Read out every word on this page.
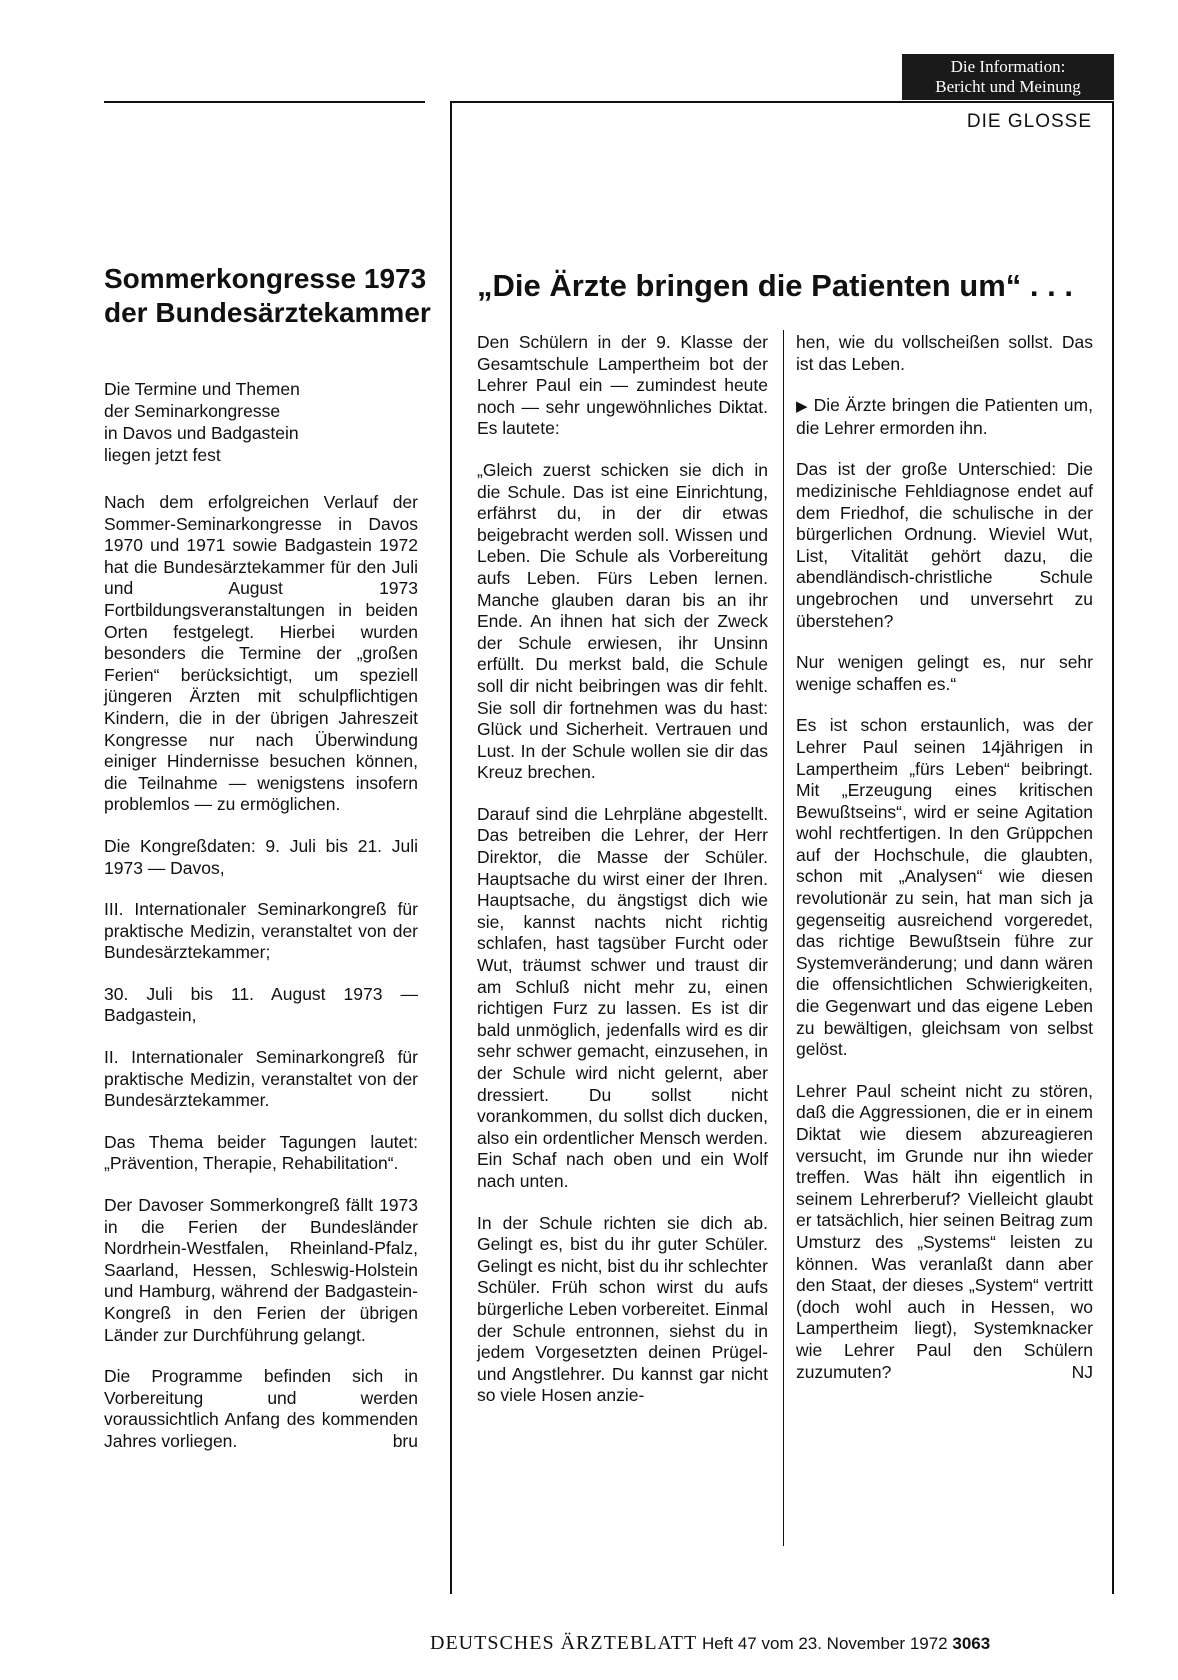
Die Information:
Bericht und Meinung
DIE GLOSSE
Sommerkongresse 1973 der Bundesärztekammer
Die Termine und Themen
der Seminarkongresse
in Davos und Badgastein
liegen jetzt fest

Nach dem erfolgreichen Verlauf der Sommer-Seminarkongresse in Davos 1970 und 1971 sowie Badgastein 1972 hat die Bundesärztekammer für den Juli und August 1973 Fortbildungsveranstaltungen in beiden Orten festgelegt. Hierbei wurden besonders die Termine der „großen Ferien“ berücksichtigt, um speziell jüngeren Ärzten mit schulpflichtigen Kindern, die in der übrigen Jahreszeit Kongresse nur nach Überwindung einiger Hindernisse besuchen können, die Teilnahme — wenigstens insofern problemlos — zu ermöglichen.

Die Kongreßdaten: 9. Juli bis 21. Juli 1973 — Davos,

III. Internationaler Seminarkongreß für praktische Medizin, veranstaltet von der Bundesärztekammer;

30. Juli bis 11. August 1973 — Badgastein,

II. Internationaler Seminarkongreß für praktische Medizin, veranstaltet von der Bundesärztekammer.

Das Thema beider Tagungen lautet: „Prävention, Therapie, Rehabilitation“.

Der Davoser Sommerkongreß fällt 1973 in die Ferien der Bundesländer Nordrhein-Westfalen, Rheinland-Pfalz, Saarland, Hessen, Schleswig-Holstein und Hamburg, während der Badgastein-Kongreß in den Ferien der übrigen Länder zur Durchführung gelangt.

Die Programme befinden sich in Vorbereitung und werden voraussichtlich Anfang des kommenden Jahres vorliegen.	bru

„Die Ärzte bringen die Patienten um“ . . .

Den Schülern in der 9. Klasse der Gesamtschule Lampertheim bot der Lehrer Paul ein — zumindest heute noch — sehr ungewöhnliches Diktat. Es lautete:

„Gleich zuerst schicken sie dich in die Schule. Das ist eine Einrichtung, erfährst du, in der dir etwas beigebracht werden soll. Wissen und Leben. Die Schule als Vorbereitung aufs Leben. Fürs Leben lernen. Manche glauben daran bis an ihr Ende. An ihnen hat sich der Zweck der Schule erwiesen, ihr Unsinn erfüllt. Du merkst bald, die Schule soll dir nicht beibringen was dir fehlt. Sie soll dir fortnehmen was du hast: Glück und Sicherheit. Vertrauen und Lust. In der Schule wollen sie dir das Kreuz brechen.

Darauf sind die Lehrpläne abgestellt. Das betreiben die Lehrer, der Herr Direktor, die Masse der Schüler. Hauptsache du wirst einer der Ihren. Hauptsache, du ängstigst dich wie sie, kannst nachts nicht richtig schlafen, hast tagsüber Furcht oder Wut, träumst schwer und traust dir am Schluß nicht mehr zu, einen richtigen Furz zu lassen. Es ist dir bald unmöglich, jedenfalls wird es dir sehr schwer gemacht, einzusehen, in der Schule wird nicht gelernt, aber dressiert. Du sollst nicht vorankommen, du sollst dich ducken, also ein ordentlicher Mensch werden. Ein Schaf nach oben und ein Wolf nach unten.

In der Schule richten sie dich ab. Gelingt es, bist du ihr guter Schüler. Gelingt es nicht, bist du ihr schlechter Schüler. Früh schon wirst du aufs bürgerliche Leben vorbereitet. Einmal der Schule entronnen, siehst du in jedem Vorgesetzten deinen Prügel- und Angstlehrer. Du kannst gar nicht so viele Hosen anzie-

hen, wie du vollscheißen sollst. Das ist das Leben.

▶ Die Ärzte bringen die Patienten um, die Lehrer ermorden ihn.

Das ist der große Unterschied: Die medizinische Fehldiagnose endet auf dem Friedhof, die schulische in der bürgerlichen Ordnung. Wieviel Wut, List, Vitalität gehört dazu, die abendländisch-christliche Schule ungebrochen und unversehrt zu überstehen?

Nur wenigen gelingt es, nur sehr wenige schaffen es.“

Es ist schon erstaunlich, was der Lehrer Paul seinen 14jährigen in Lampertheim „fürs Leben“ beibringt. Mit „Erzeugung eines kritischen Bewußtseins“, wird er seine Agitation wohl rechtfertigen. In den Grüppchen auf der Hochschule, die glaubten, schon mit „Analysen“ wie diesen revolutionär zu sein, hat man sich ja gegenseitig ausreichend vorgeredet, das richtige Bewußtsein führe zur Systemveränderung; und dann wären die offensichtlichen Schwierigkeiten, die Gegenwart und das eigene Leben zu bewältigen, gleichsam von selbst gelöst.

Lehrer Paul scheint nicht zu stören, daß die Aggressionen, die er in einem Diktat wie diesem abzureagieren versucht, im Grunde nur ihn wieder treffen. Was hält ihn eigentlich in seinem Lehrerberuf? Vielleicht glaubt er tatsächlich, hier seinen Beitrag zum Umsturz des „Systems“ leisten zu können. Was veranlaßt dann aber den Staat, der dieses „System“ vertritt (doch wohl auch in Hessen, wo Lampertheim liegt), Systemknacker wie Lehrer Paul den Schülern zuzumuten?	NJ

DEUTSCHES ÄRZTEBLATT Heft 47 vom 23. November 1972 3063
